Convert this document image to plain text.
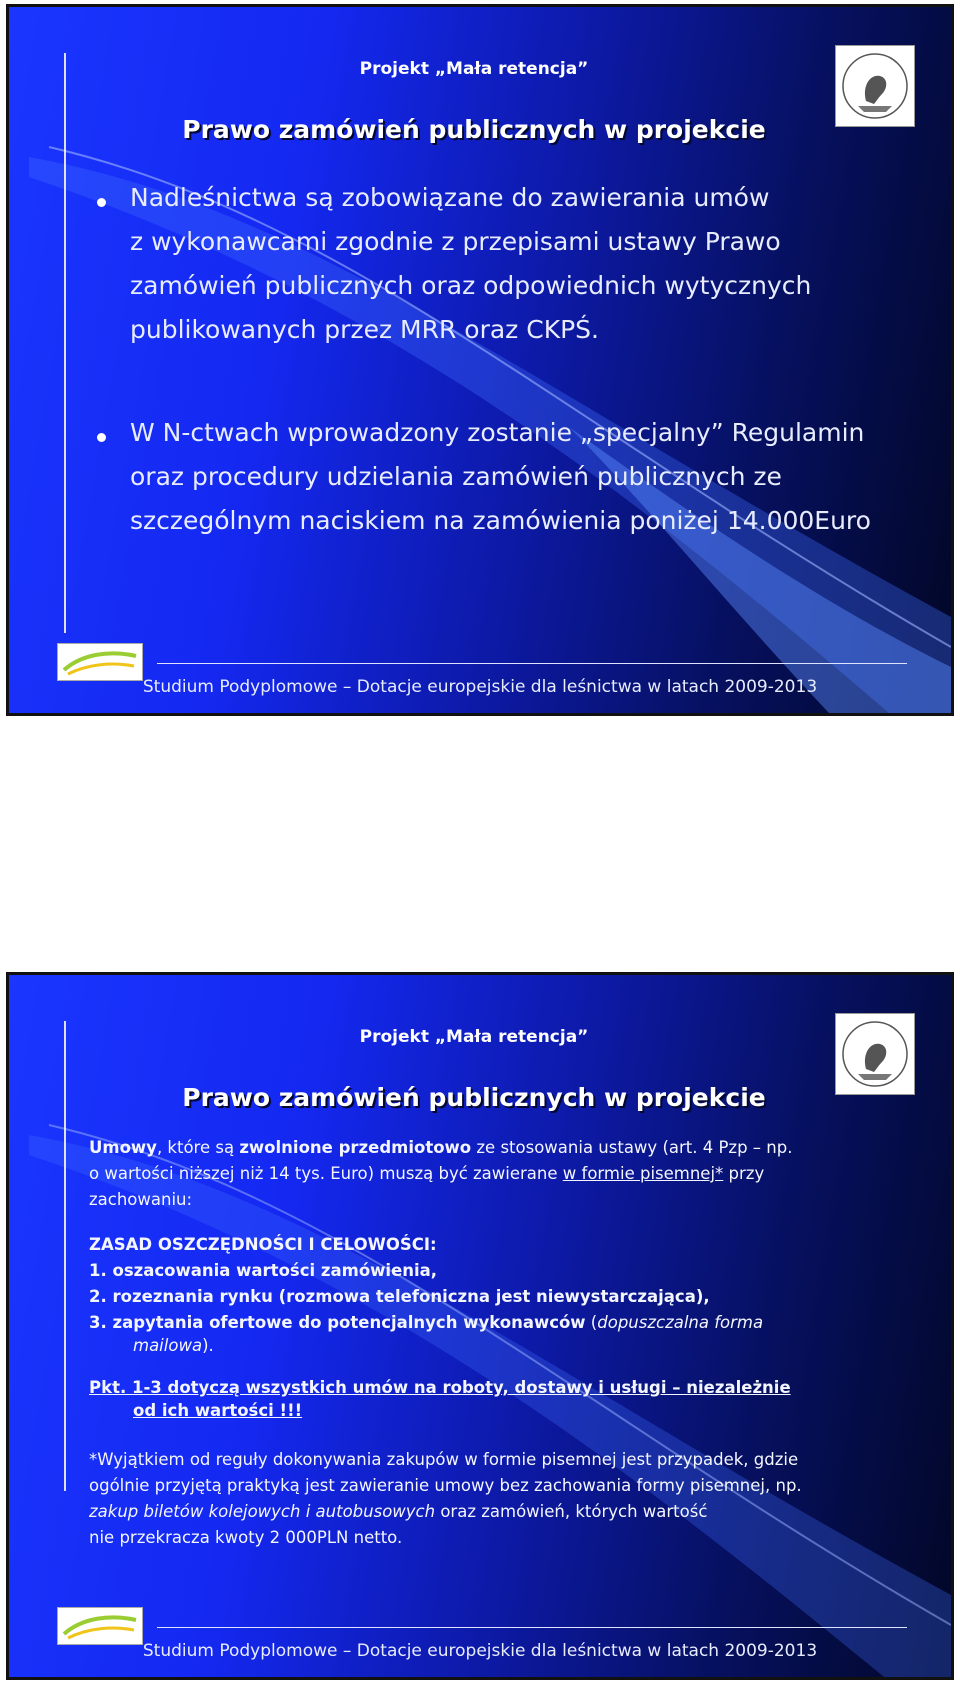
Projekt „Mała retencja”
Prawo zamówień publicznych w projekcie
Nadleśnictwa są zobowiązane do zawierania umów
z wykonawcami zgodnie z przepisami ustawy Prawo
zamówień publicznych oraz odpowiednich wytycznych
publikowanych przez MRR oraz CKPŚ.
W N-ctwach wprowadzony zostanie „specjalny” Regulamin
oraz procedury udzielania zamówień publicznych ze
szczególnym naciskiem na zamówienia poniżej 14.000Euro
Studium Podyplomowe – Dotacje europejskie dla leśnictwa w latach 2009-2013
Projekt „Mała retencja”
Prawo zamówień publicznych w projekcie
Umowy, które są zwolnione przedmiotowo ze stosowania ustawy (art. 4 Pzp – np.
o wartości niższej niż 14 tys. Euro) muszą być zawierane w formie pisemnej* przy
zachowaniu:
ZASAD OSZCZĘDNOŚCI I CELOWOŚCI:
1. oszacowania wartości zamówienia,
2. rozeznania rynku (rozmowa telefoniczna jest niewystarczająca),
3. zapytania ofertowe do potencjalnych wykonawców (dopuszczalna forma
mailowa).
Pkt. 1-3 dotyczą wszystkich umów na roboty, dostawy i usługi – niezależnie
od ich wartości !!!
*Wyjątkiem od reguły dokonywania zakupów w formie pisemnej jest przypadek, gdzie
ogólnie przyjętą praktyką jest zawieranie umowy bez zachowania formy pisemnej, np.
zakup biletów kolejowych i autobusowych oraz zamówień, których wartość
nie przekracza kwoty 2 000PLN netto.
Studium Podyplomowe – Dotacje europejskie dla leśnictwa w latach 2009-2013
